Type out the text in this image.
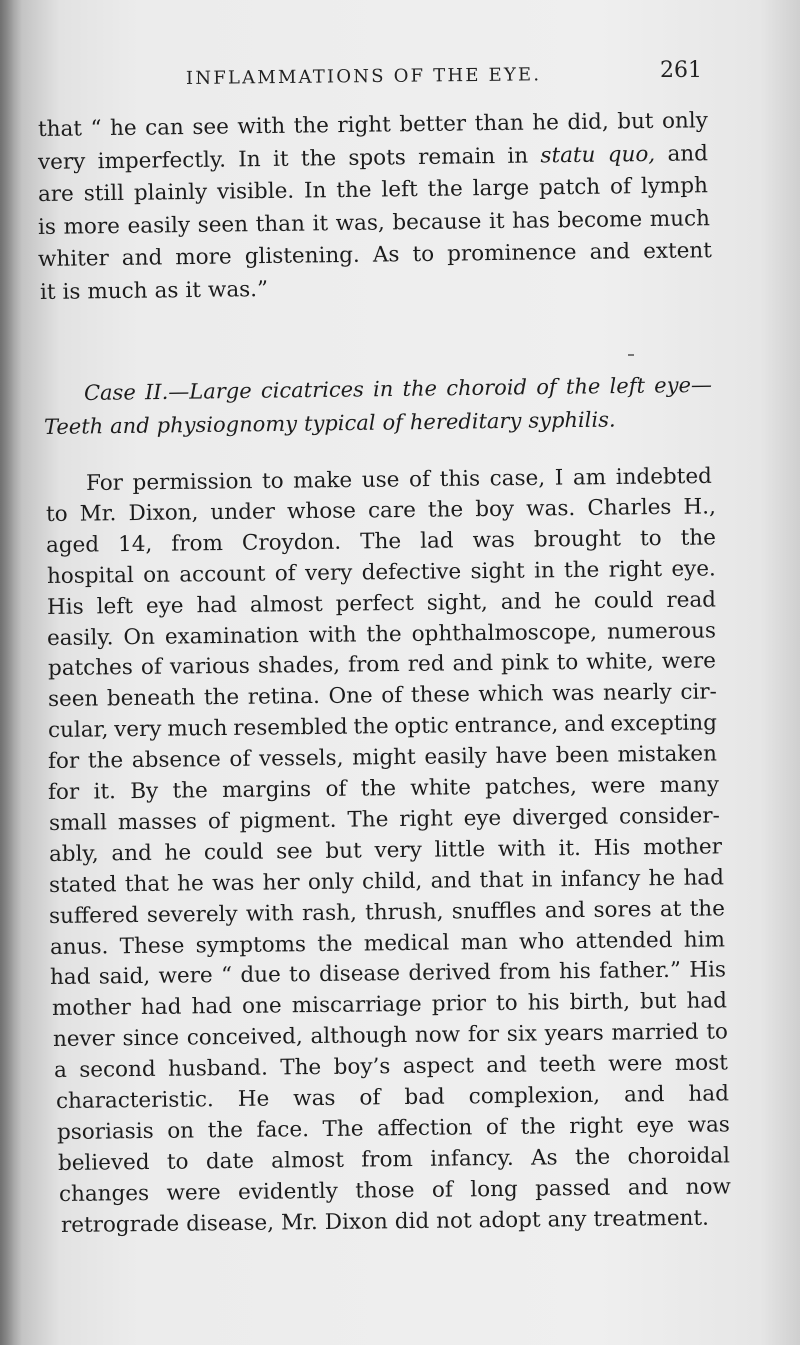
INFLAMMATIONS OF THE EYE.	261
that “ he can see with the right better than he did, but only
very imperfectly. In it the spots remain in statu quo, and
are still plainly visible. In the left the large patch of lymph
is more easily seen than it was, because it has become much
whiter and more glistening. As to prominence and extent
it is much as it was.”
Case II.—Large cicatrices in the choroid of the left eye—
Teeth and physiognomy typical of hereditary syphilis.
For permission to make use of this case, I am indebted
to Mr. Dixon, under whose care the boy was. Charles H.,
aged 14, from Croydon. The lad was brought to the
hospital on account of very defective sight in the right eye.
His left eye had almost perfect sight, and he could read
easily. On examination with the ophthalmoscope, numerous
patches of various shades, from red and pink to white, were
seen beneath the retina. One of these which was nearly cir-
cular, very much resembled the optic entrance, and excepting
for the absence of vessels, might easily have been mistaken
for it. By the margins of the white patches, were many
small masses of pigment. The right eye diverged consider-
ably, and he could see but very little with it. His mother
stated that he was her only child, and that in infancy he had
suffered severely with rash, thrush, snuffles and sores at the
anus. These symptoms the medical man who attended him
had said, were “ due to disease derived from his father.” His
mother had had one miscarriage prior to his birth, but had
never since conceived, although now for six years married to
a second husband. The boy’s aspect and teeth were most
characteristic. He was of bad complexion, and had
psoriasis on the face. The affection of the right eye was
believed to date almost from infancy. As the choroidal
changes were evidently those of long passed and now
retrograde disease, Mr. Dixon did not adopt any treatment.
